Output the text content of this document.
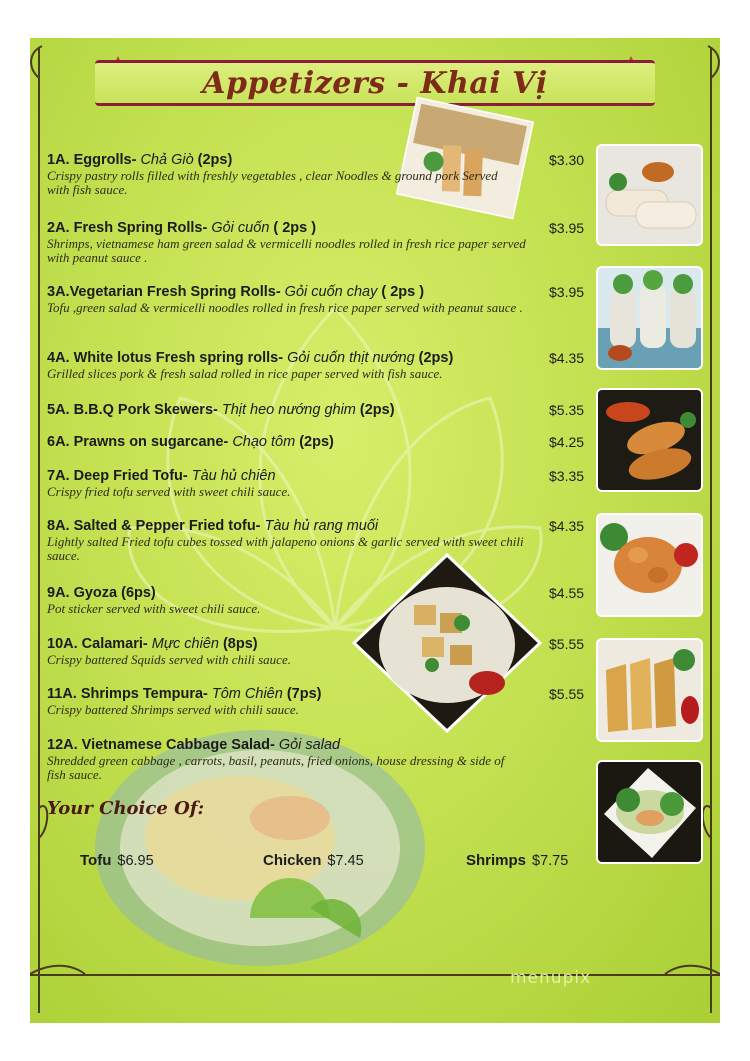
Appetizers - Khai Vị
1A. Eggrolls- Chả Giò (2ps)
Crispy pastry rolls filled with freshly vegetables , clear Noodles & ground pork Served with fish sauce.
$3.30
2A. Fresh Spring Rolls- Gỏi cuốn ( 2ps )
Shrimps, vietnamese ham green salad & vermicelli noodles rolled in fresh rice paper served with peanut sauce .
$3.95
3A.Vegetarian Fresh Spring Rolls- Gỏi cuốn chay ( 2ps )
Tofu ,green salad & vermicelli noodles rolled in fresh rice paper served with peanut sauce .
$3.95
4A. White lotus Fresh spring rolls- Gỏi cuốn thịt nướng (2ps)
Grilled slices pork & fresh salad rolled in rice paper served with fish sauce.
$4.35
5A. B.B.Q Pork Skewers- Thịt heo nướng ghim (2ps)	$5.35
6A. Prawns on sugarcane- Chạo tôm (2ps)	$4.25
7A. Deep Fried Tofu- Tàu hủ chiên
Crispy fried tofu served with sweet chili sauce.
$3.35
8A. Salted & Pepper Fried tofu- Tàu hủ rang muối
Lightly salted Fried tofu cubes tossed with jalapeno onions & garlic served with sweet chili sauce.
$4.35
9A. Gyoza (6ps)
Pot sticker served with sweet chili sauce.
$4.55
10A. Calamari- Mực chiên (8ps)
Crispy battered Squids served with chili sauce.
$5.55
11A. Shrimps Tempura- Tôm Chiên (7ps)
Crispy battered Shrimps served with chili sauce.
$5.55
12A. Vietnamese Cabbage Salad- Gỏi salad
Shredded green cabbage , carrots, basil, peanuts, fried onions, house dressing & side of fish sauce.
Your Choice Of:
Tofu $6.95	Chicken $7.45	Shrimps $7.75
menupix
